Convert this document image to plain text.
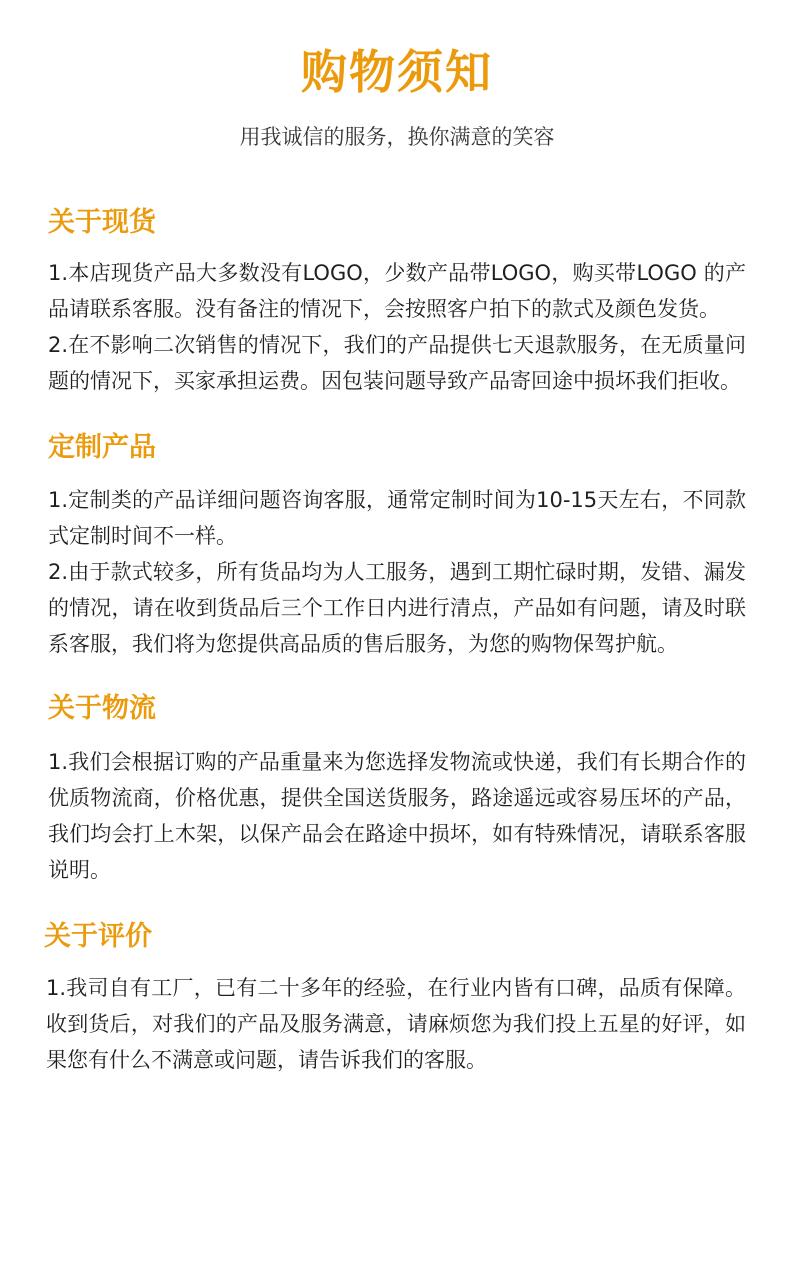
购物须知

用我诚信的服务，换你满意的笑容

关于现货

1.本店现货产品大多数没有LOGO，少数产品带LOGO，购买带LOGO 的产品请联系客服。没有备注的情况下，会按照客户拍下的款式及颜色发货。

2.在不影响二次销售的情况下，我们的产品提供七天退款服务，在无质量问题的情况下，买家承担运费。因包装问题导致产品寄回途中损坏我们拒收。

定制产品

1.定制类的产品详细问题咨询客服，通常定制时间为10-15天左右，不同款式定制时间不一样。

2.由于款式较多，所有货品均为人工服务，遇到工期忙碌时期，发错、漏发的情况，请在收到货品后三个工作日内进行清点，产品如有问题，请及时联系客服，我们将为您提供高品质的售后服务，为您的购物保驾护航。

关于物流

1.我们会根据订购的产品重量来为您选择发物流或快递，我们有长期合作的优质物流商，价格优惠，提供全国送货服务，路途遥远或容易压坏的产品，我们均会打上木架，以保产品会在路途中损坏，如有特殊情况，请联系客服说明。

关于评价

1.我司自有工厂，已有二十多年的经验，在行业内皆有口碑，品质有保障。收到货后，对我们的产品及服务满意，请麻烦您为我们投上五星的好评，如果您有什么不满意或问题，请告诉我们的客服。
